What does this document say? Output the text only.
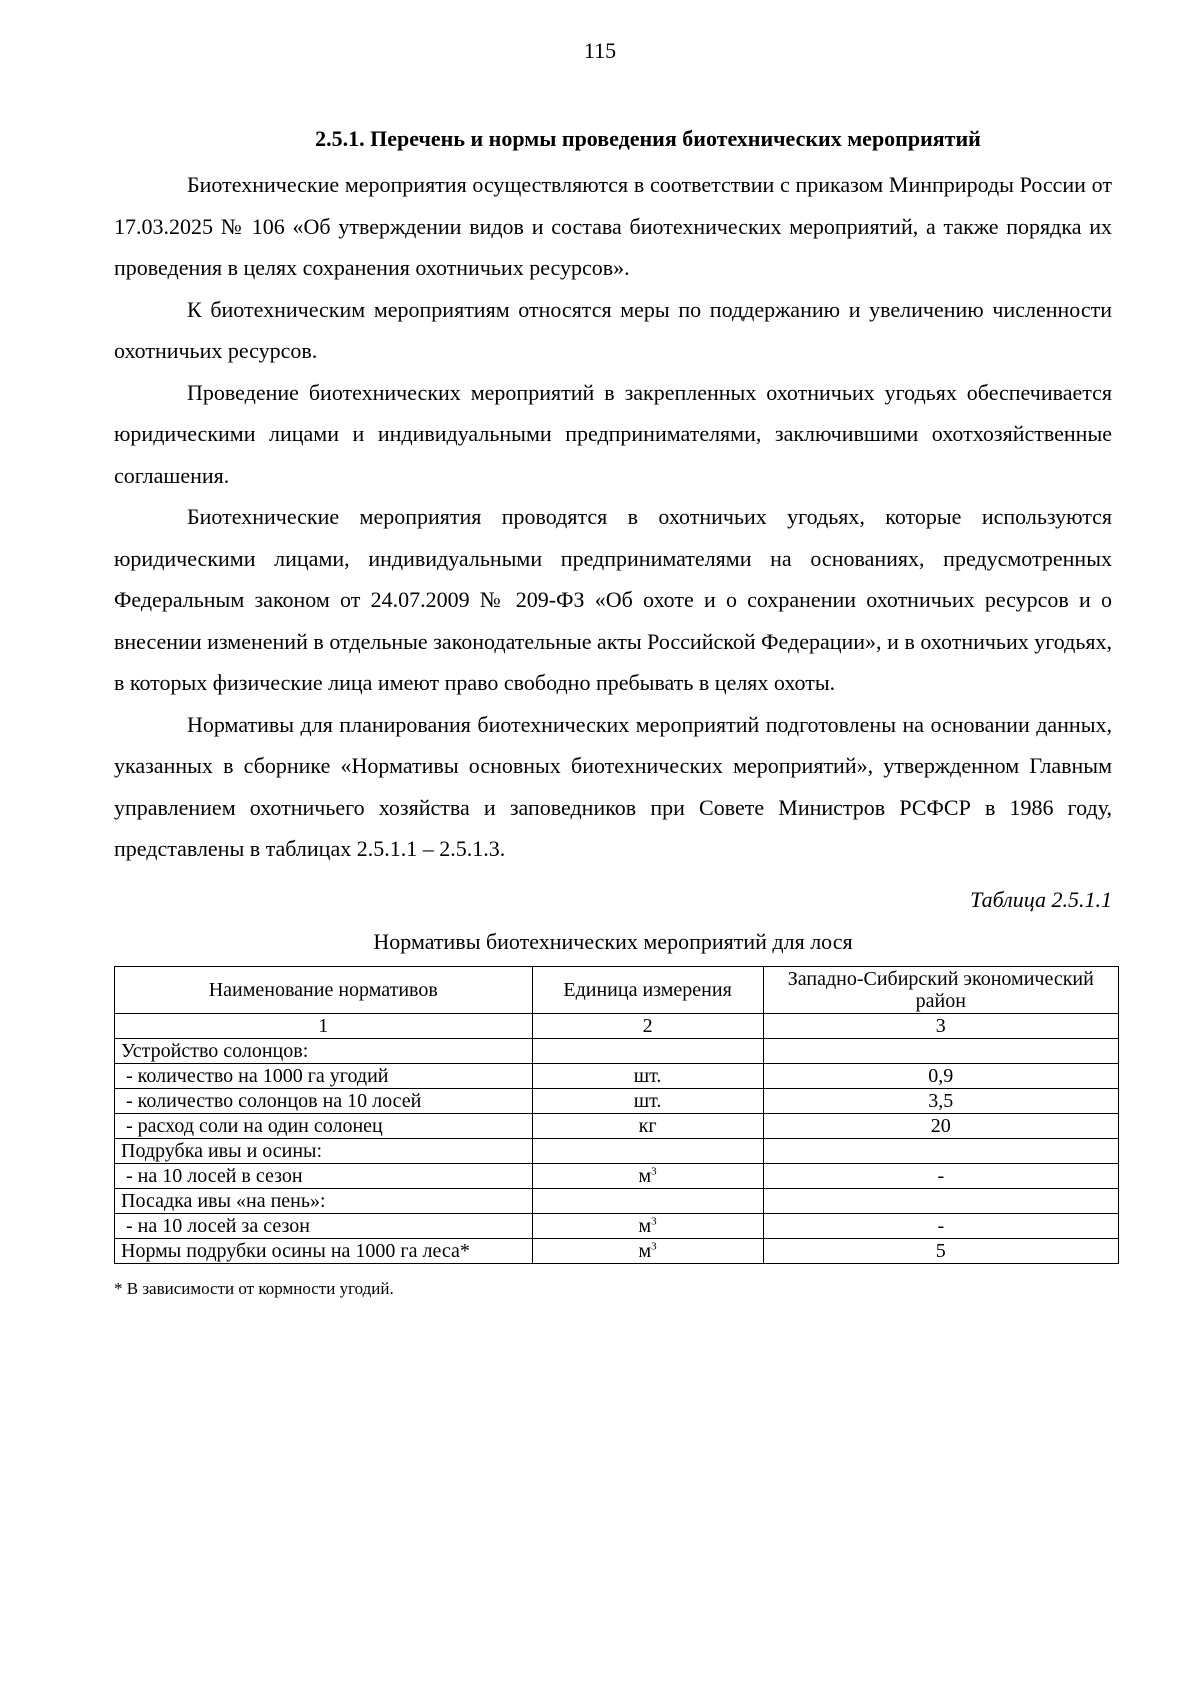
115
2.5.1. Перечень и нормы проведения биотехнических мероприятий

Биотехнические мероприятия осуществляются в соответствии с приказом Минприроды России от 17.03.2025 № 106 «Об утверждении видов и состава биотехнических мероприятий, а также порядка их проведения в целях сохранения охотничьих ресурсов».

К биотехническим мероприятиям относятся меры по поддержанию и увеличению численности охотничьих ресурсов.

Проведение биотехнических мероприятий в закрепленных охотничьих угодьях обеспечивается юридическими лицами и индивидуальными предпринимателями, заключившими охотхозяйственные соглашения.

Биотехнические мероприятия проводятся в охотничьих угодьях, которые используются юридическими лицами, индивидуальными предпринимателями на основаниях, предусмотренных Федеральным законом от 24.07.2009 № 209-ФЗ «Об охоте и о сохранении охотничьих ресурсов и о внесении изменений в отдельные законодательные акты Российской Федерации», и в охотничьих угодьях, в которых физические лица имеют право свободно пребывать в целях охоты.

Нормативы для планирования биотехнических мероприятий подготовлены на основании данных, указанных в сборнике «Нормативы основных биотехнических мероприятий», утвержденном Главным управлением охотничьего хозяйства и заповедников при Совете Министров РСФСР в 1986 году, представлены в таблицах 2.5.1.1 – 2.5.1.3.

Таблица 2.5.1.1
Нормативы биотехнических мероприятий для лося
Наименование нормативов	Единица измерения	Западно-Сибирский экономический район
1	2	3
Устройство солонцов:		
- количество на 1000 га угодий	шт.	0,9
- количество солонцов на 10 лосей	шт.	3,5
- расход соли на один солонец	кг	20
Подрубка ивы и осины:		
- на 10 лосей в сезон	$м^3$	-
Посадка ивы «на пень»:		
- на 10 лосей за сезон	$м^3$	-
Нормы подрубки осины на 1000 га леса*	$м^3$	5

* В зависимости от кормности угодий.
